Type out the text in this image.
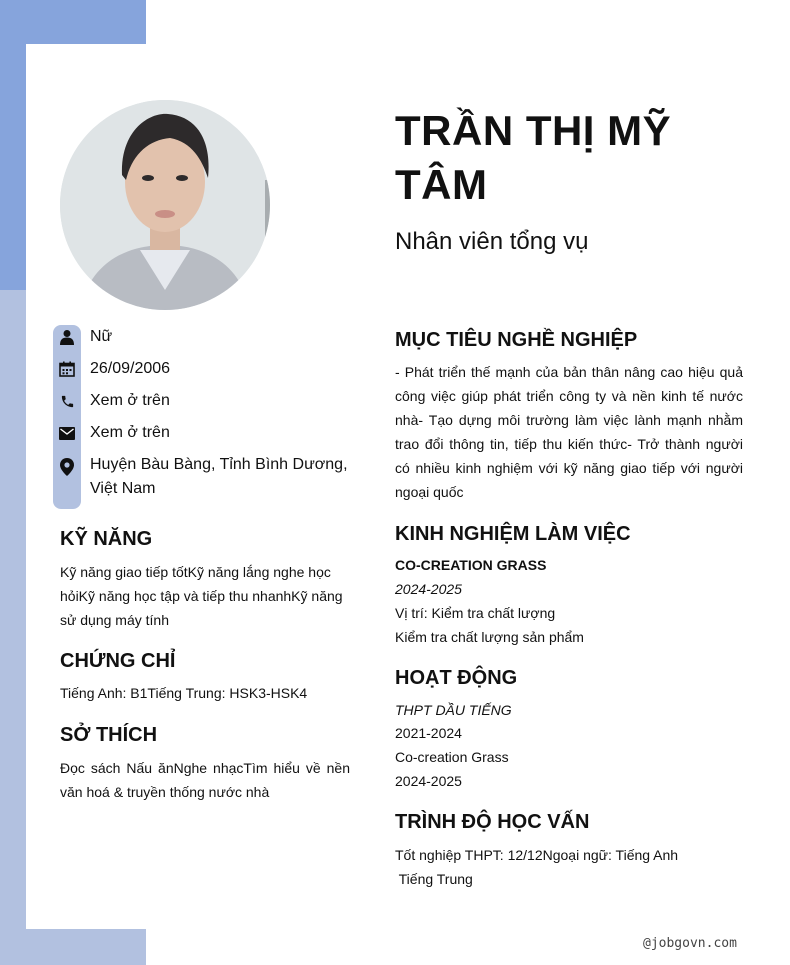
TRẦN THỊ MỸ TÂM
Nhân viên tổng vụ
Nữ
26/09/2006
Xem ở trên
Xem ở trên
Huyện Bàu Bàng, Tỉnh Bình Dương, Việt Nam
KỸ NĂNG
Kỹ năng giao tiếp tốtKỹ năng lắng nghe học hỏiKỹ năng học tập và tiếp thu nhanhKỹ năng sử dụng máy tính
CHỨNG CHỈ
Tiếng Anh: B1Tiếng Trung: HSK3-HSK4
SỞ THÍCH
Đọc sách Nấu ănNghe nhạcTìm hiểu về nền văn hoá & truyền thống nước nhà
MỤC TIÊU NGHỀ NGHIỆP
- Phát triển thế mạnh của bản thân nâng cao hiệu quả công việc giúp phát triển công ty và nền kinh tế nước nhà- Tạo dựng môi trường làm việc lành mạnh nhằm trao đổi thông tin, tiếp thu kiến thức- Trở thành người có nhiều kinh nghiệm với kỹ năng giao tiếp với người ngoại quốc
KINH NGHIỆM LÀM VIỆC
CO-CREATION GRASS
2024-2025
Vị trí: Kiểm tra chất lượng
Kiểm tra chất lượng sản phẩm
HOẠT ĐỘNG
THPT DẦU TIẾNG
2021-2024
Co-creation Grass
2024-2025
TRÌNH ĐỘ HỌC VẤN
Tốt nghiệp THPT: 12/12Ngoại ngữ: Tiếng Anh
Tiếng Trung
@jobgovn.com
